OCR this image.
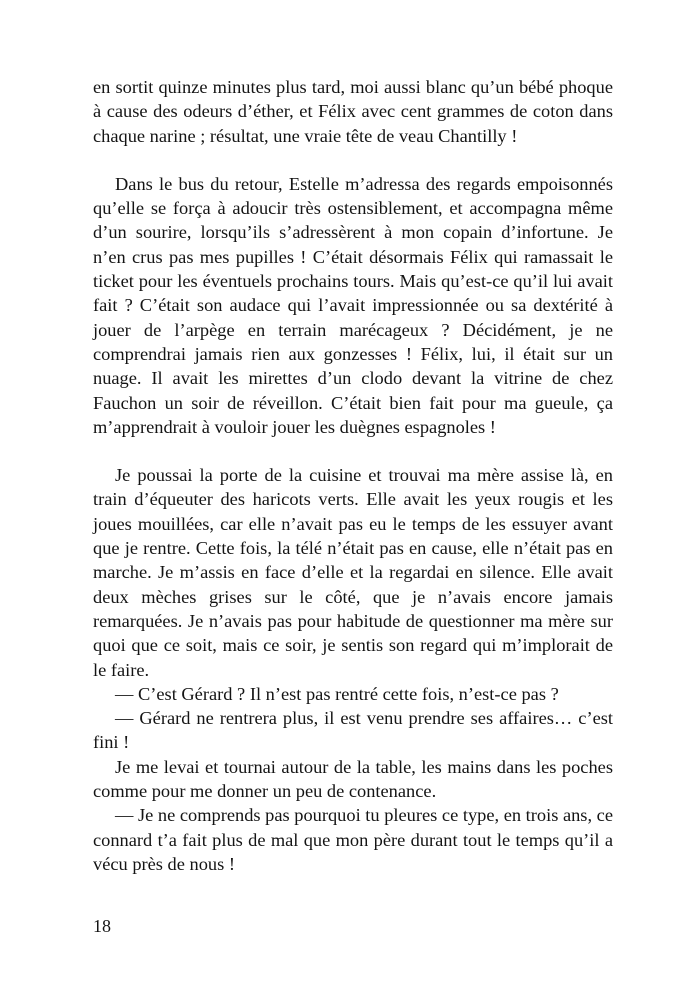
en sortit quinze minutes plus tard, moi aussi blanc qu’un bébé phoque à cause des odeurs d’éther, et Félix avec cent grammes de coton dans chaque narine ; résultat, une vraie tête de veau Chantilly !

Dans le bus du retour, Estelle m’adressa des regards empoisonnés qu’elle se força à adoucir très ostensiblement, et accompagna même d’un sourire, lorsqu’ils s’adressèrent à mon copain d’infortune. Je n’en crus pas mes pupilles ! C’était désormais Félix qui ramassait le ticket pour les éventuels prochains tours. Mais qu’est-ce qu’il lui avait fait ? C’était son audace qui l’avait impressionnée ou sa dextérité à jouer de l’arpège en terrain marécageux ? Décidément, je ne comprendrai jamais rien aux gonzesses ! Félix, lui, il était sur un nuage. Il avait les mirettes d’un clodo devant la vitrine de chez Fauchon un soir de réveillon. C’était bien fait pour ma gueule, ça m’apprendrait à vouloir jouer les duègnes espagnoles !

Je poussai la porte de la cuisine et trouvai ma mère assise là, en train d’équeuter des haricots verts. Elle avait les yeux rougis et les joues mouillées, car elle n’avait pas eu le temps de les essuyer avant que je rentre. Cette fois, la télé n’était pas en cause, elle n’était pas en marche. Je m’assis en face d’elle et la regardai en silence. Elle avait deux mèches grises sur le côté, que je n’avais encore jamais remarquées. Je n’avais pas pour habitude de questionner ma mère sur quoi que ce soit, mais ce soir, je sentis son regard qui m’implorait de le faire.

— C’est Gérard ? Il n’est pas rentré cette fois, n’est-ce pas ?

— Gérard ne rentrera plus, il est venu prendre ses affaires… c’est fini !

Je me levai et tournai autour de la table, les mains dans les poches comme pour me donner un peu de contenance.

— Je ne comprends pas pourquoi tu pleures ce type, en trois ans, ce connard t’a fait plus de mal que mon père durant tout le temps qu’il a vécu près de nous !

18
